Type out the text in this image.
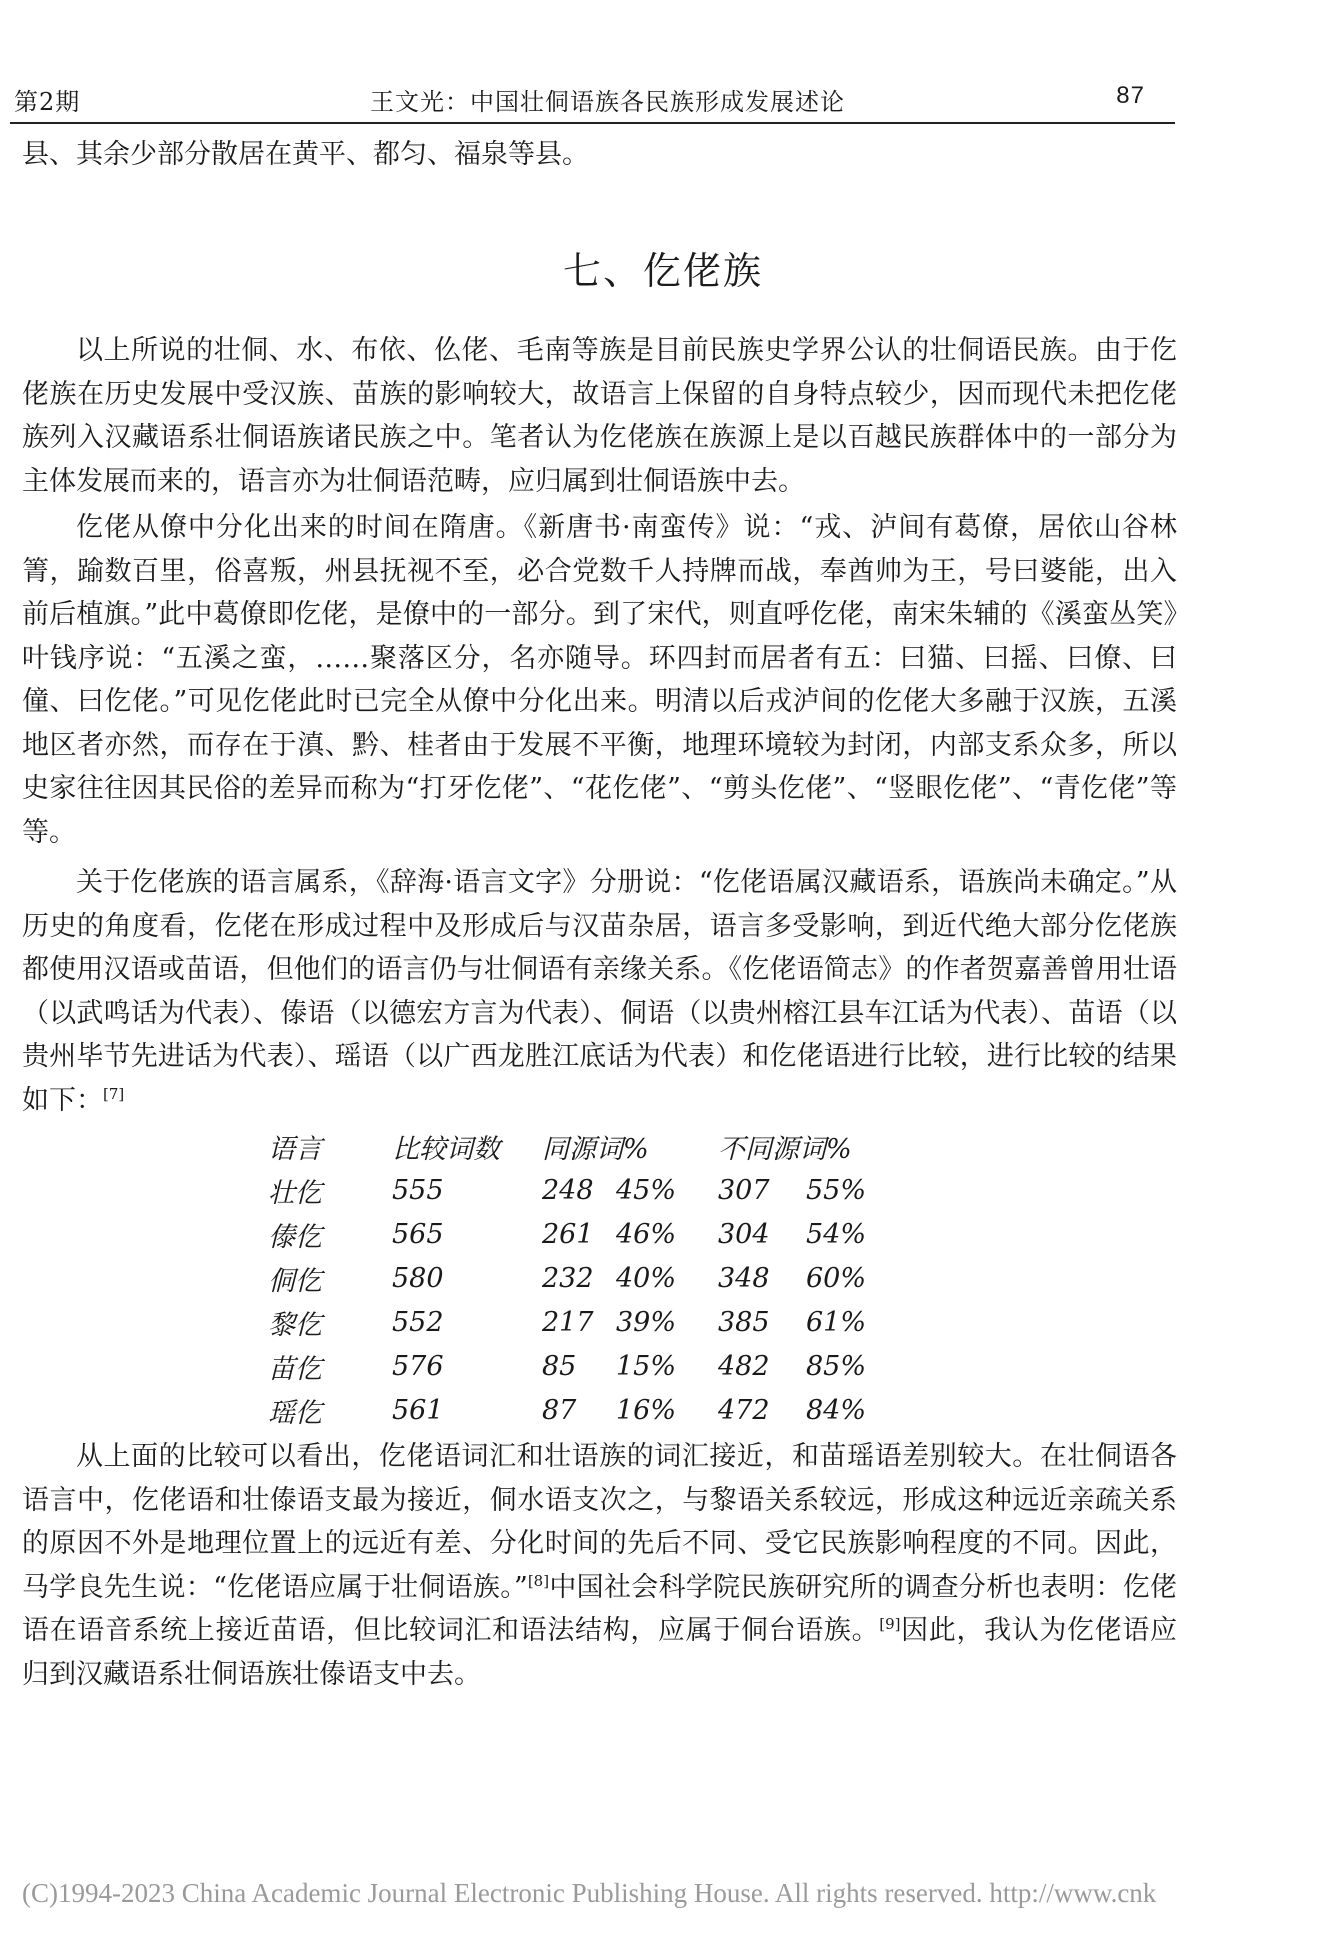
第2期	王文光：中国壮侗语族各民族形成发展述论	87

县、其余少部分散居在黄平、都匀、福泉等县。

七、仡佬族

以上所说的壮侗、水、布依、仫佬、毛南等族是目前民族史学界公认的壮侗语民族。由于仡佬族在历史发展中受汉族、苗族的影响较大，故语言上保留的自身特点较少，因而现代未把仡佬族列入汉藏语系壮侗语族诸民族之中。笔者认为仡佬族在族源上是以百越民族群体中的一部分为主体发展而来的，语言亦为壮侗语范畴，应归属到壮侗语族中去。

仡佬从僚中分化出来的时间在隋唐。《新唐书·南蛮传》说：“戎、泸间有葛僚，居依山谷林箐，踰数百里，俗喜叛，州县抚视不至，必合党数千人持牌而战，奉酋帅为王，号曰婆能，出入前后植旗。”此中葛僚即仡佬，是僚中的一部分。到了宋代，则直呼仡佬，南宋朱辅的《溪蛮丛笑》叶钱序说：“五溪之蛮，……聚落区分，名亦随导。环四封而居者有五：曰猫、曰摇、曰僚、曰僮、曰仡佬。”可见仡佬此时已完全从僚中分化出来。明清以后戎泸间的仡佬大多融于汉族，五溪地区者亦然，而存在于滇、黔、桂者由于发展不平衡，地理环境较为封闭，内部支系众多，所以史家往往因其民俗的差异而称为“打牙仡佬”、“花仡佬”、“剪头仡佬”、“竖眼仡佬”、“青仡佬”等等。

关于仡佬族的语言属系，《辞海·语言文字》分册说：“仡佬语属汉藏语系，语族尚未确定。”从历史的角度看，仡佬在形成过程中及形成后与汉苗杂居，语言多受影响，到近代绝大部分仡佬族都使用汉语或苗语，但他们的语言仍与壮侗语有亲缘关系。《仡佬语简志》的作者贺嘉善曾用壮语（以武鸣话为代表）、傣语（以德宏方言为代表）、侗语（以贵州榕江县车江话为代表）、苗语（以贵州毕节先进话为代表）、瑶语（以广西龙胜江底话为代表）和仡佬语进行比较，进行比较的结果如下：[7]

语言	比较词数	同源词%		不同源词%	
壮仡	555	248	45%	307	55%
傣仡	565	261	46%	304	54%
侗仡	580	232	40%	348	60%
黎仡	552	217	39%	385	61%
苗仡	576	85	15%	482	85%
瑶仡	561	87	16%	472	84%

从上面的比较可以看出，仡佬语词汇和壮语族的词汇接近，和苗瑶语差别较大。在壮侗语各语言中，仡佬语和壮傣语支最为接近，侗水语支次之，与黎语关系较远，形成这种远近亲疏关系的原因不外是地理位置上的远近有差、分化时间的先后不同、受它民族影响程度的不同。因此，马学良先生说：“仡佬语应属于壮侗语族。”[8]中国社会科学院民族研究所的调查分析也表明：仡佬语在语音系统上接近苗语，但比较词汇和语法结构，应属于侗台语族。[9]因此，我认为仡佬语应归到汉藏语系壮侗语族壮傣语支中去。

(C)1994-2023 China Academic Journal Electronic Publishing House. All rights reserved. http://www.cnk
